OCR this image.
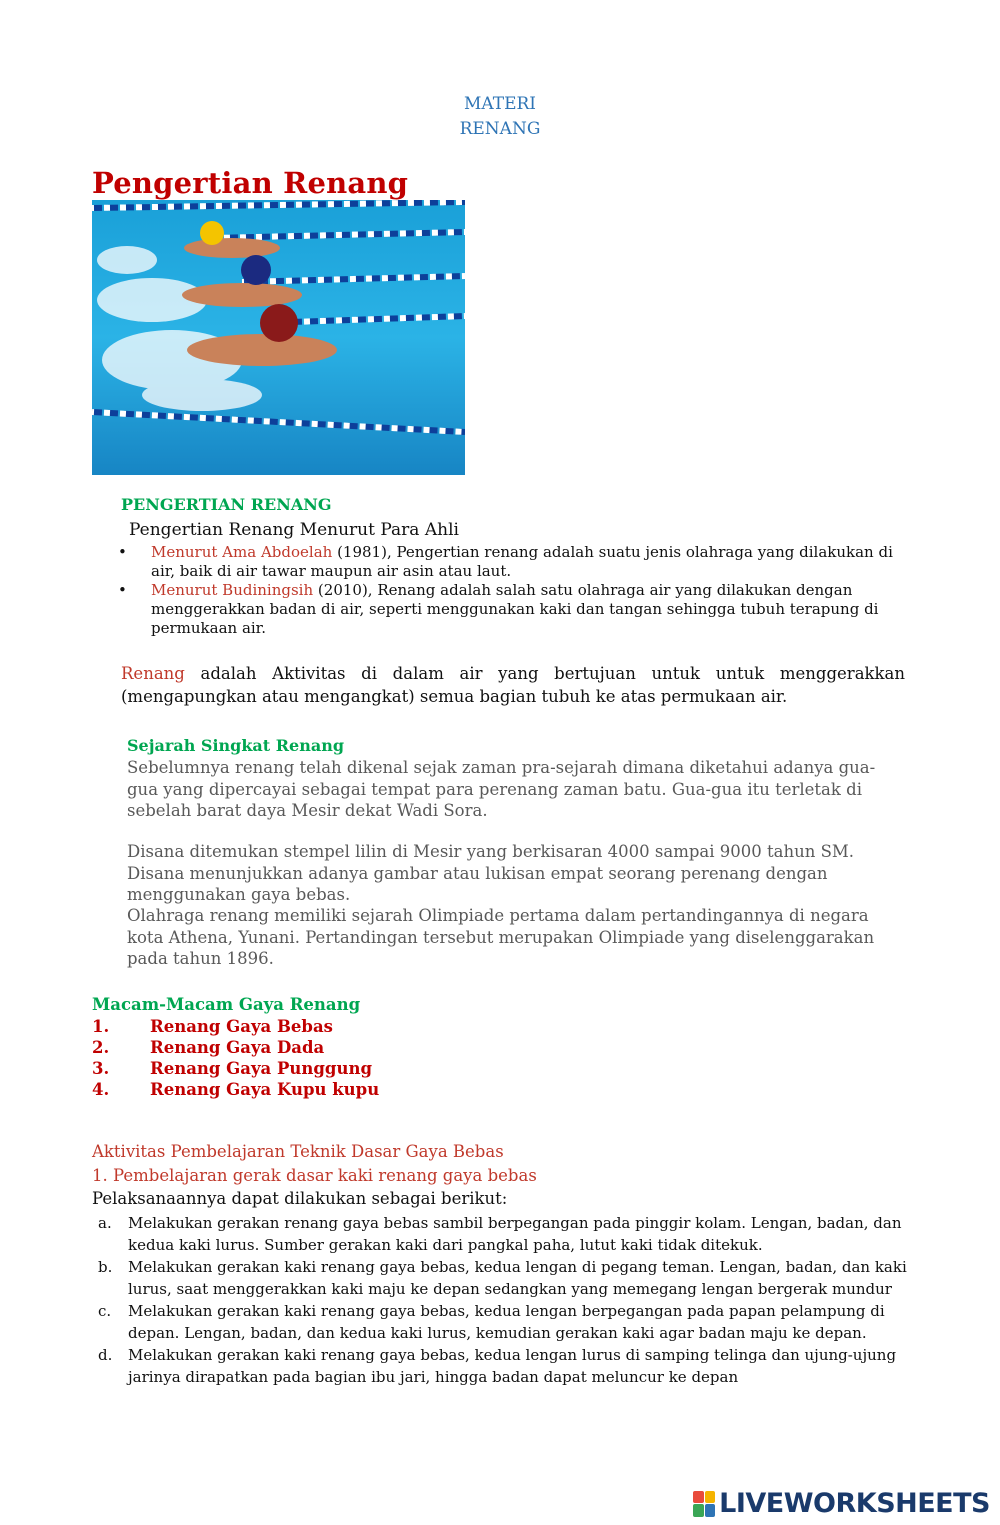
MATERI
RENANG
Pengertian Renang
PENGERTIAN RENANG
Pengertian Renang Menurut Para Ahli
• Menurut Ama Abdoelah (1981), Pengertian renang adalah suatu jenis olahraga yang dilakukan di air, baik di air tawar maupun air asin atau laut.
• Menurut Budiningsih (2010), Renang adalah salah satu olahraga air yang dilakukan dengan menggerakkan badan di air, seperti menggunakan kaki dan tangan sehingga tubuh terapung di permukaan air.
Renang adalah Aktivitas di dalam air yang bertujuan untuk untuk menggerakkan (mengapungkan atau mengangkat) semua bagian tubuh ke atas permukaan air.
Sejarah Singkat Renang
Sebelumnya renang telah dikenal sejak zaman pra-sejarah dimana diketahui adanya gua-gua yang dipercayai sebagai tempat para perenang zaman batu. Gua-gua itu terletak di sebelah barat daya Mesir dekat Wadi Sora.
Disana ditemukan stempel lilin di Mesir yang berkisaran 4000 sampai 9000 tahun SM. Disana menunjukkan adanya gambar atau lukisan empat seorang perenang dengan menggunakan gaya bebas.
Olahraga renang memiliki sejarah Olimpiade pertama dalam pertandingannya di negara kota Athena, Yunani. Pertandingan tersebut merupakan Olimpiade yang diselenggarakan pada tahun 1896.
Macam-Macam Gaya Renang
1. Renang Gaya Bebas
2. Renang Gaya Dada
3. Renang Gaya Punggung
4. Renang Gaya Kupu kupu
Aktivitas Pembelajaran Teknik Dasar Gaya Bebas
1. Pembelajaran gerak dasar kaki renang gaya bebas
Pelaksanaannya dapat dilakukan sebagai berikut:
a. Melakukan gerakan renang gaya bebas sambil berpegangan pada pinggir kolam. Lengan, badan, dan kedua kaki lurus. Sumber gerakan kaki dari pangkal paha, lutut kaki tidak ditekuk.
b. Melakukan gerakan kaki renang gaya bebas, kedua lengan di pegang teman. Lengan, badan, dan kaki lurus, saat menggerakkan kaki maju ke depan sedangkan yang memegang lengan bergerak mundur
c. Melakukan gerakan kaki renang gaya bebas, kedua lengan berpegangan pada papan pelampung di depan. Lengan, badan, dan kedua kaki lurus, kemudian gerakan kaki agar badan maju ke depan.
d. Melakukan gerakan kaki renang gaya bebas, kedua lengan lurus di samping telinga dan ujung-ujung jarinya dirapatkan pada bagian ibu jari, hingga badan dapat meluncur ke depan
LIVEWORKSHEETS
